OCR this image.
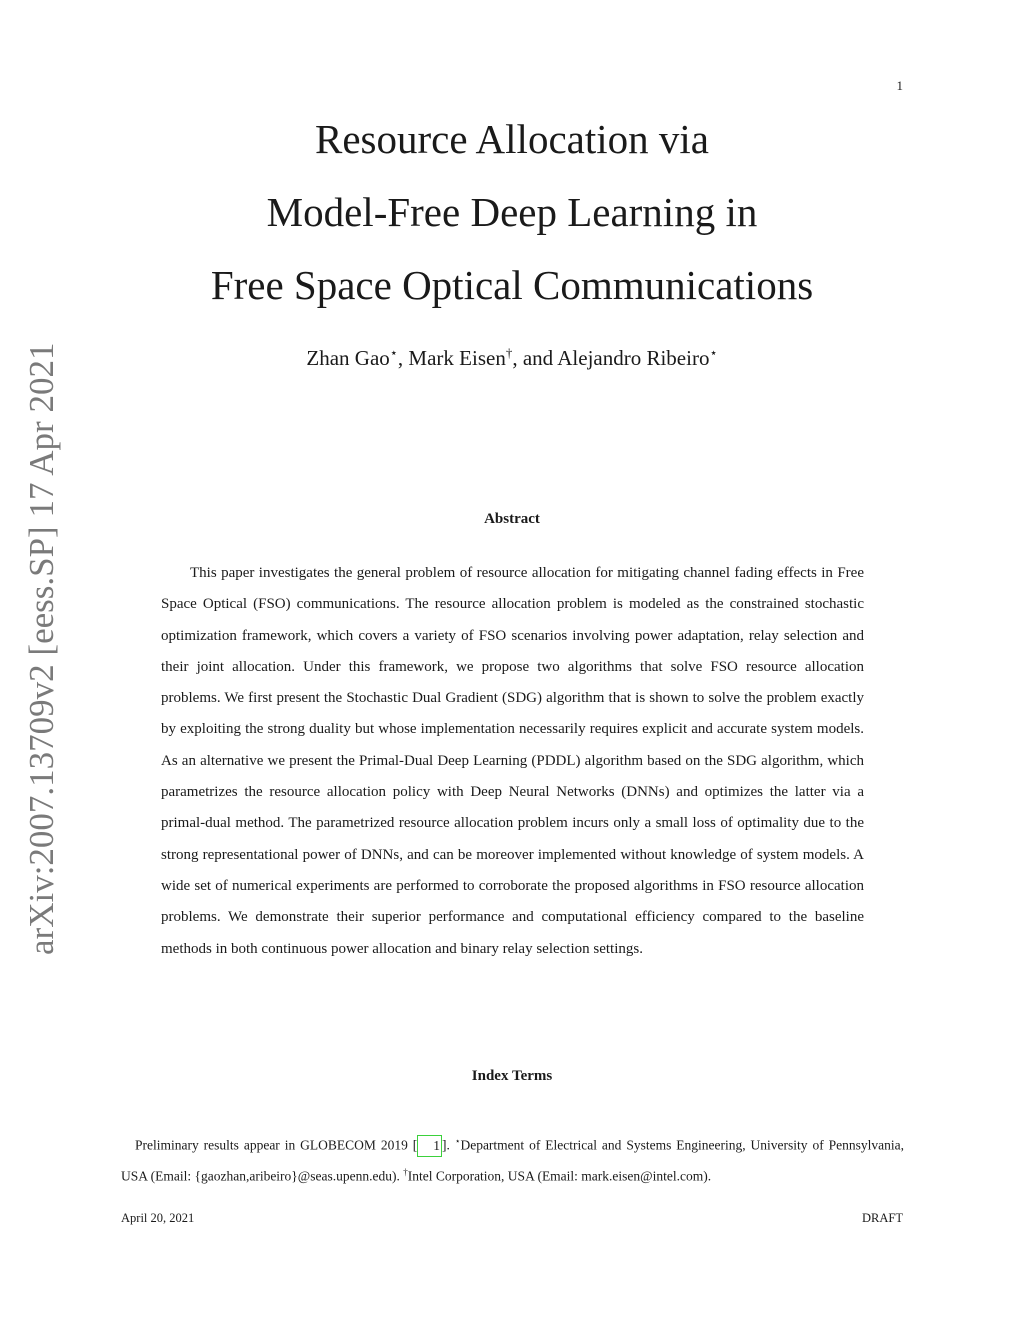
1
arXiv:2007.13709v2 [eess.SP] 17 Apr 2021
Resource Allocation via
Model-Free Deep Learning in
Free Space Optical Communications
Zhan Gao⋆, Mark Eisen†, and Alejandro Ribeiro⋆
Abstract

This paper investigates the general problem of resource allocation for mitigating channel fading effects in Free Space Optical (FSO) communications. The resource allocation problem is modeled as the constrained stochastic optimization framework, which covers a variety of FSO scenarios involving power adaptation, relay selection and their joint allocation. Under this framework, we propose two algorithms that solve FSO resource allocation problems. We first present the Stochastic Dual Gradient (SDG) algorithm that is shown to solve the problem exactly by exploiting the strong duality but whose implementation necessarily requires explicit and accurate system models. As an alternative we present the Primal-Dual Deep Learning (PDDL) algorithm based on the SDG algorithm, which parametrizes the resource allocation policy with Deep Neural Networks (DNNs) and optimizes the latter via a primal-dual method. The parametrized resource allocation problem incurs only a small loss of optimality due to the strong representational power of DNNs, and can be moreover implemented without knowledge of system models. A wide set of numerical experiments are performed to corroborate the proposed algorithms in FSO resource allocation problems. We demonstrate their superior performance and computational efficiency compared to the baseline methods in both continuous power allocation and binary relay selection settings.

Index Terms

Preliminary results appear in GLOBECOM 2019 [ 1 ]. ⋆Department of Electrical and Systems Engineering, University of Pennsylvania, USA (Email: {gaozhan,aribeiro}@seas.upenn.edu). †Intel Corporation, USA (Email: mark.eisen@intel.com).

April 20, 2021	DRAFT
